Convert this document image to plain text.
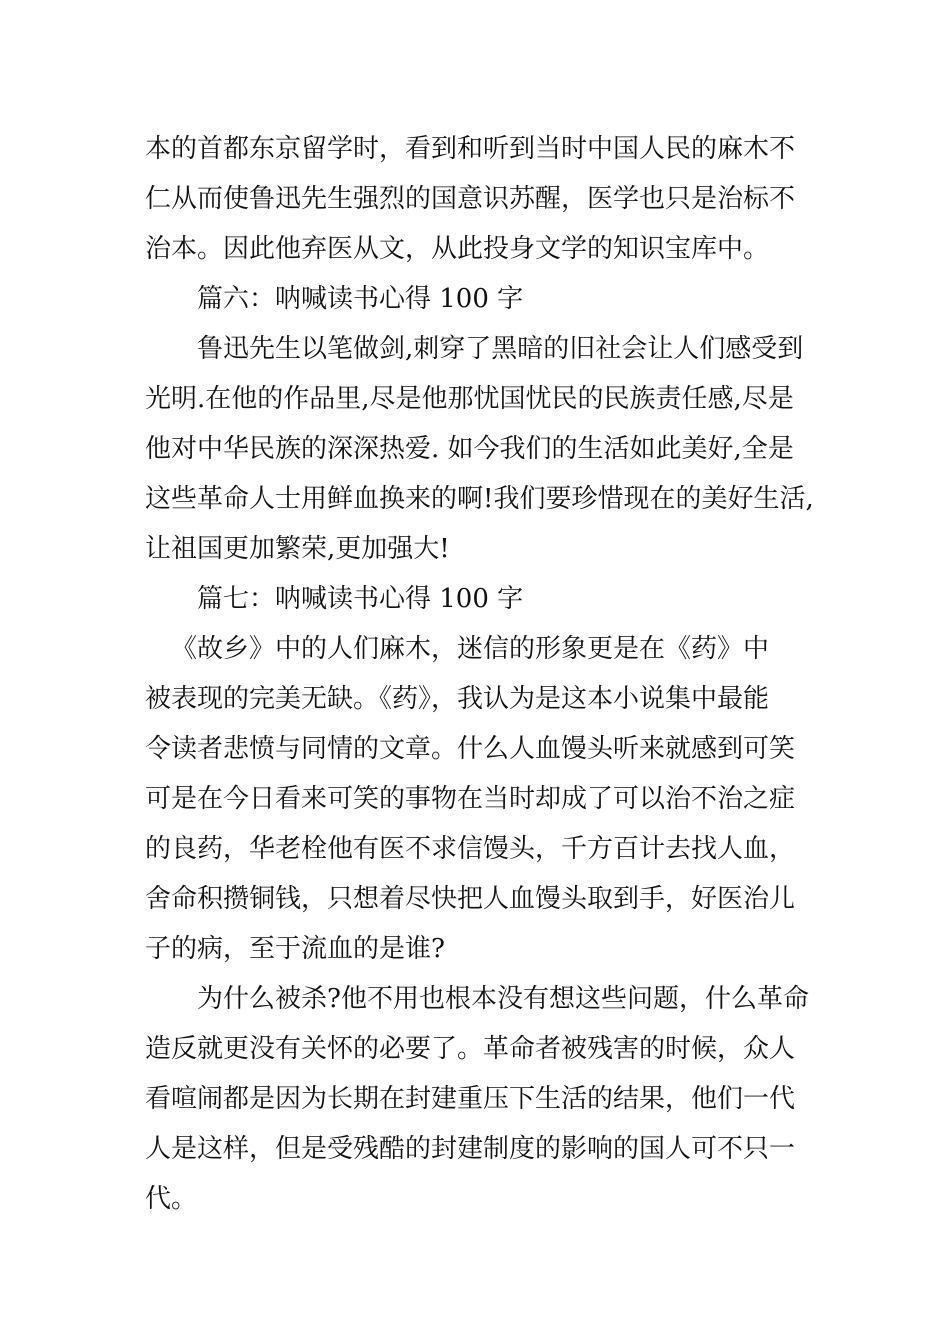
本的首都东京留学时，看到和听到当时中国人民的麻木不
仁从而使鲁迅先生强烈的国意识苏醒，医学也只是治标不
治本。因此他弃医从文，从此投身文学的知识宝库中。
篇六：呐喊读书心得 100 字
鲁迅先生以笔做剑,刺穿了黑暗的旧社会让人们感受到
光明.在他的作品里,尽是他那忧国忧民的民族责任感,尽是
他对中华民族的深深热爱. 如今我们的生活如此美好,全是
这些革命人士用鲜血换来的啊!我们要珍惜现在的美好生活,
让祖国更加繁荣,更加强大!
篇七：呐喊读书心得 100 字
《故乡》中的人们麻木，迷信的形象更是在《药》中
被表现的完美无缺。《药》，我认为是这本小说集中最能
令读者悲愤与同情的文章。什么人血馒头听来就感到可笑
可是在今日看来可笑的事物在当时却成了可以治不治之症
的良药，华老栓他有医不求信馒头，千方百计去找人血，
舍命积攒铜钱，只想着尽快把人血馒头取到手，好医治儿
子的病，至于流血的是谁?
为什么被杀?他不用也根本没有想这些问题，什么革命
造反就更没有关怀的必要了。革命者被残害的时候，众人
看喧闹都是因为长期在封建重压下生活的结果，他们一代
人是这样，但是受残酷的封建制度的影响的国人可不只一
代。
